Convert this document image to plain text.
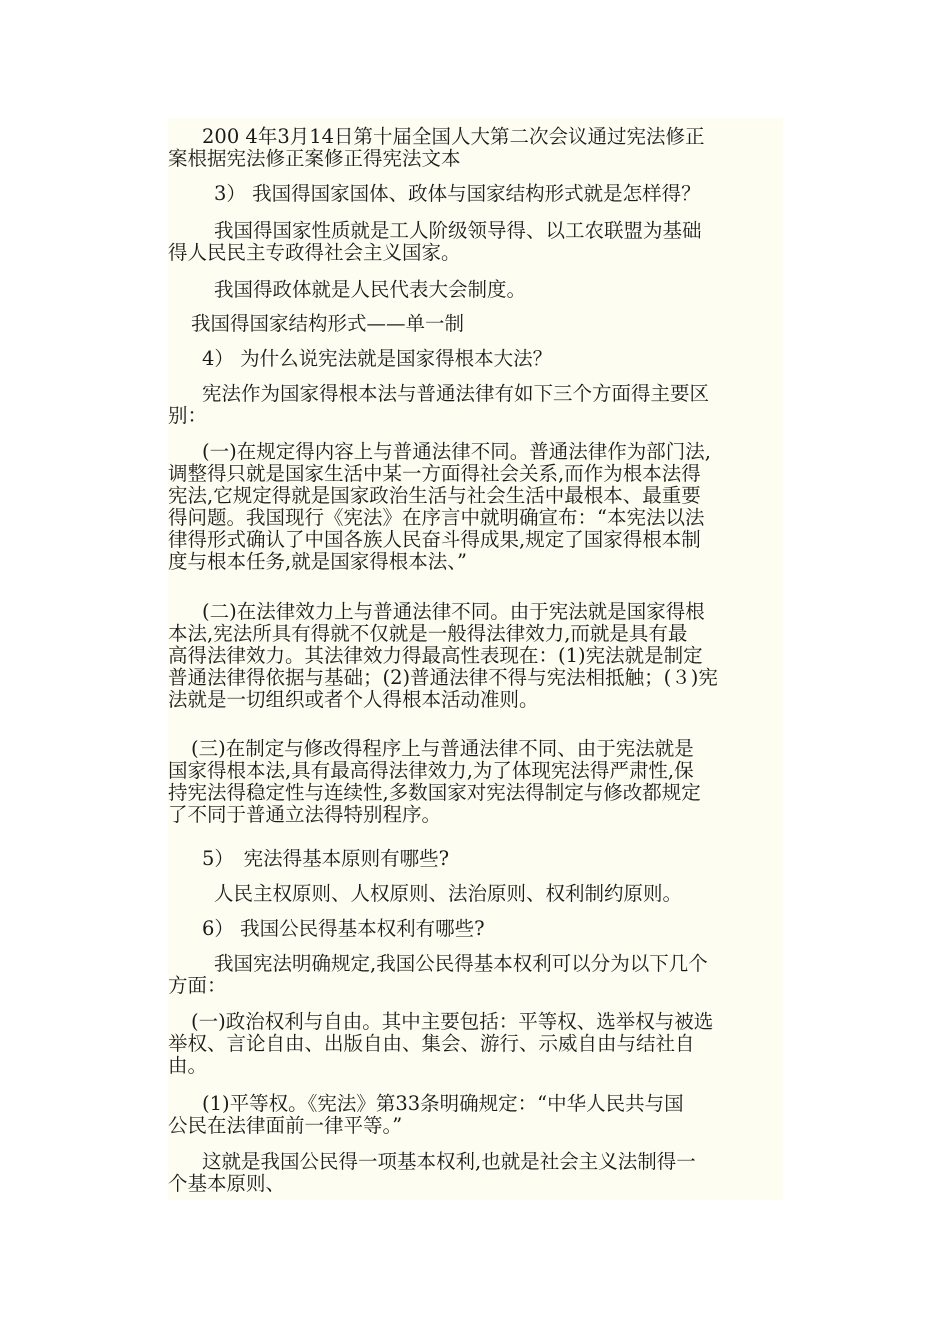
200 4年3月14日第十届全国人大第二次会议通过宪法修正
案根据宪法修正案修正得宪法文本
3） 我国得国家国体、政体与国家结构形式就是怎样得？
我国得国家性质就是工人阶级领导得、以工农联盟为基础
得人民民主专政得社会主义国家。
我国得政体就是人民代表大会制度。
我国得国家结构形式——单一制
4） 为什么说宪法就是国家得根本大法？
宪法作为国家得根本法与普通法律有如下三个方面得主要区
别：
(一)在规定得内容上与普通法律不同。普通法律作为部门法,
调整得只就是国家生活中某一方面得社会关系,而作为根本法得
宪法,它规定得就是国家政治生活与社会生活中最根本、最重要
得问题。我国现行《宪法》在序言中就明确宣布：“本宪法以法
律得形式确认了中国各族人民奋斗得成果,规定了国家得根本制
度与根本任务,就是国家得根本法、”
(二)在法律效力上与普通法律不同。由于宪法就是国家得根
本法,宪法所具有得就不仅就是一般得法律效力,而就是具有最
高得法律效力。其法律效力得最高性表现在：(1)宪法就是制定
普通法律得依据与基础；(2)普通法律不得与宪法相抵触；(３)宪
法就是一切组织或者个人得根本活动准则。
(三)在制定与修改得程序上与普通法律不同、由于宪法就是
国家得根本法,具有最高得法律效力,为了体现宪法得严肃性,保
持宪法得稳定性与连续性,多数国家对宪法得制定与修改都规定
了不同于普通立法得特别程序。
5）　宪法得基本原则有哪些?
人民主权原则、人权原则、法治原则、权利制约原则。
6） 我国公民得基本权利有哪些?
我国宪法明确规定,我国公民得基本权利可以分为以下几个
方面：
(一)政治权利与自由。其中主要包括：平等权、选举权与被选
举权、言论自由、出版自由、集会、游行、示威自由与结社自
由。
(1)平等权。《宪法》第33条明确规定：“中华人民共与国
公民在法律面前一律平等。”
这就是我国公民得一项基本权利,也就是社会主义法制得一
个基本原则、
